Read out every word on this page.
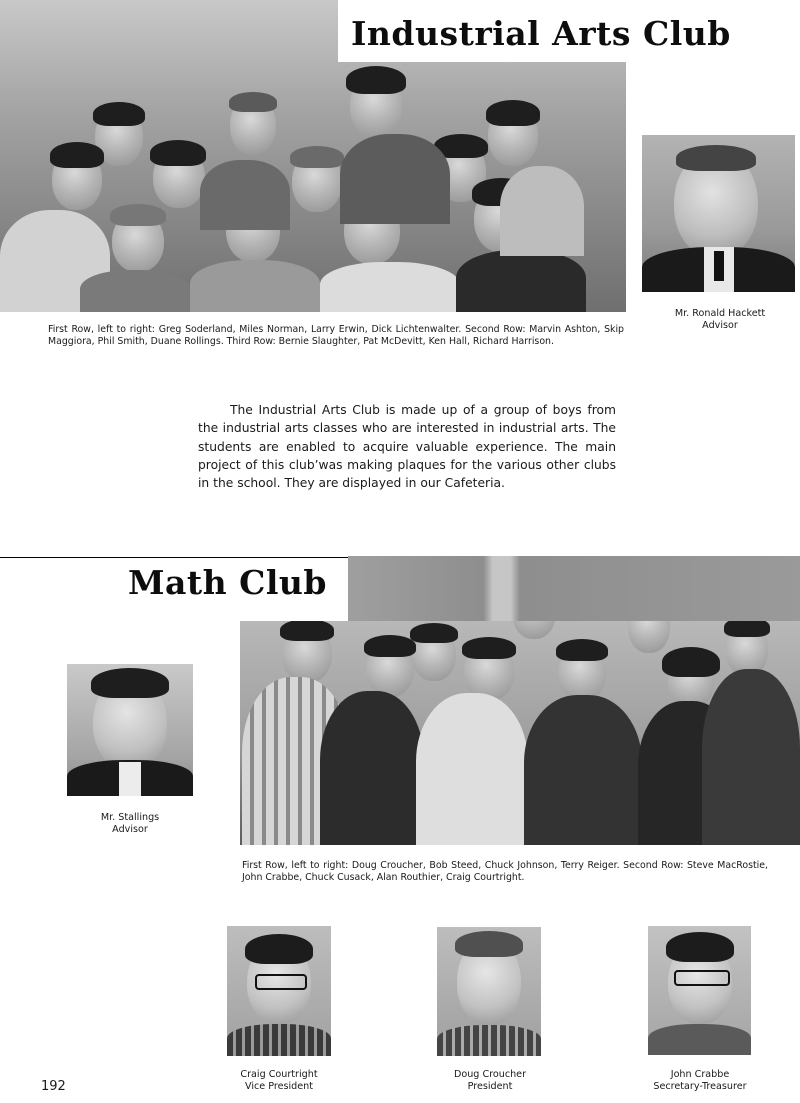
Industrial Arts Club
Mr. Ronald Hackett
Advisor
First Row, left to right: Greg Soderland, Miles Norman, Larry Erwin, Dick Lichtenwalter. Second Row: Marvin Ashton, Skip Maggiora, Phil Smith, Duane Rollings. Third Row: Bernie Slaughter, Pat McDevitt, Ken Hall, Richard Harrison.
The Industrial Arts Club is made up of a group of boys from the industrial arts classes who are interested in industrial arts. The students are enabled to acquire valuable experience. The main project of this club’was making plaques for the various other clubs in the school. They are displayed in our Cafeteria.
Math Club
Mr. Stallings
Advisor
First Row, left to right: Doug Croucher, Bob Steed, Chuck Johnson, Terry Reiger. Second Row: Steve MacRostie, John Crabbe, Chuck Cusack, Alan Routhier, Craig Courtright.
Craig Courtright
Vice President
Doug Croucher
President
John Crabbe
Secretary-Treasurer
192
